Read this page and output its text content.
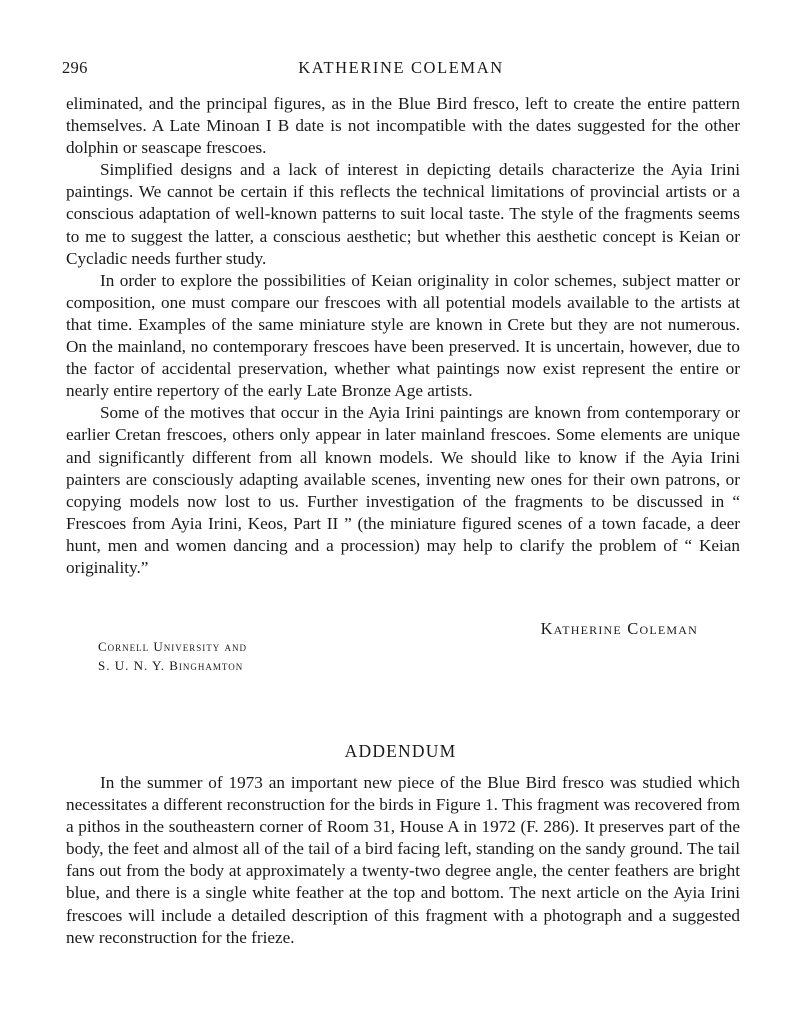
296	KATHERINE COLEMAN

eliminated, and the principal figures, as in the Blue Bird fresco, left to create the entire pattern themselves. A Late Minoan I B date is not incompatible with the dates suggested for the other dolphin or seascape frescoes.

Simplified designs and a lack of interest in depicting details characterize the Ayia Irini paintings. We cannot be certain if this reflects the technical limitations of provincial artists or a conscious adaptation of well-known patterns to suit local taste. The style of the fragments seems to me to suggest the latter, a conscious aesthetic; but whether this aesthetic concept is Keian or Cycladic needs further study.

In order to explore the possibilities of Keian originality in color schemes, subject matter or composition, one must compare our frescoes with all potential models available to the artists at that time. Examples of the same miniature style are known in Crete but they are not numerous. On the mainland, no contemporary frescoes have been preserved. It is uncertain, however, due to the factor of accidental preservation, whether what paintings now exist represent the entire or nearly entire repertory of the early Late Bronze Age artists.

Some of the motives that occur in the Ayia Irini paintings are known from contemporary or earlier Cretan frescoes, others only appear in later mainland frescoes. Some elements are unique and significantly different from all known models. We should like to know if the Ayia Irini painters are consciously adapting available scenes, inventing new ones for their own patrons, or copying models now lost to us. Further investigation of the fragments to be discussed in “ Frescoes from Ayia Irini, Keos, Part II ” (the miniature figured scenes of a town facade, a deer hunt, men and women dancing and a procession) may help to clarify the problem of “ Keian originality.”

Katherine Coleman
Cornell University and
S. U. N. Y. Binghamton
ADDENDUM

In the summer of 1973 an important new piece of the Blue Bird fresco was studied which necessitates a different reconstruction for the birds in Figure 1. This fragment was recovered from a pithos in the southeastern corner of Room 31, House A in 1972 (F. 286). It preserves part of the body, the feet and almost all of the tail of a bird facing left, standing on the sandy ground. The tail fans out from the body at approximately a twenty-two degree angle, the center feathers are bright blue, and there is a single white feather at the top and bottom. The next article on the Ayia Irini frescoes will include a detailed description of this fragment with a photograph and a suggested new reconstruction for the frieze.
